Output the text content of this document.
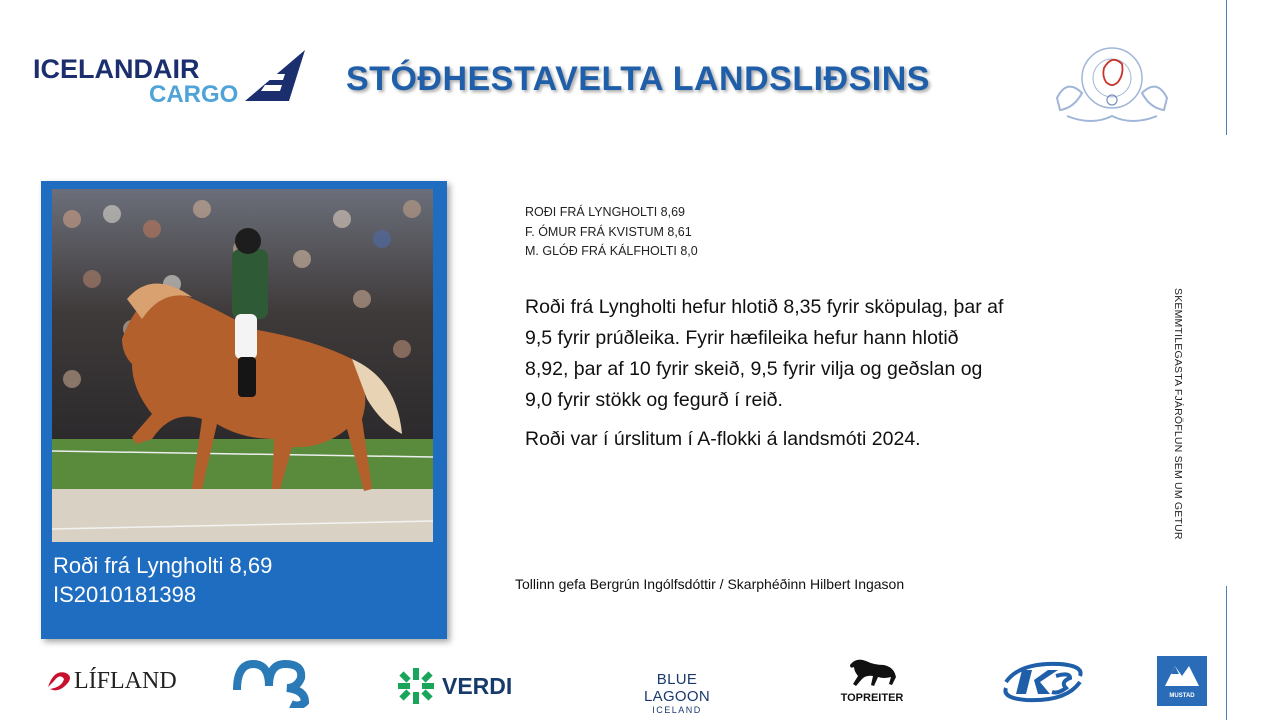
ICELANDAIR
CARGO	STÓÐHESTAVELTA LANDSLIÐSINS
SKEMMTILEGASTA FJÁRÖFLUN SEM UM GETUR
Roði frá Lyngholti 8,69
IS2010181398
ROÐI FRÁ LYNGHOLTI 8,69
F. ÓMUR FRÁ KVISTUM 8,61
M. GLÓÐ FRÁ KÁLFHOLTI 8,0

Roði frá Lyngholti hefur hlotið 8,35 fyrir sköpulag, þar af 9,5 fyrir prúðleika. Fyrir hæfileika hefur hann hlotið 8,92, þar af 10 fyrir skeið, 9,5 fyrir vilja og geðslan og 9,0 fyrir stökk og fegurð í reið.

Roði var í úrslitum í A-flokki á landsmóti 2024.

Tollinn gefa Bergrún Ingólfsdóttir / Skarphéðinn Hilbert Ingason
LÍFLAND	VERDI	BLUE LAGOON
ICELAND
TOPREITER	MUSTAD
